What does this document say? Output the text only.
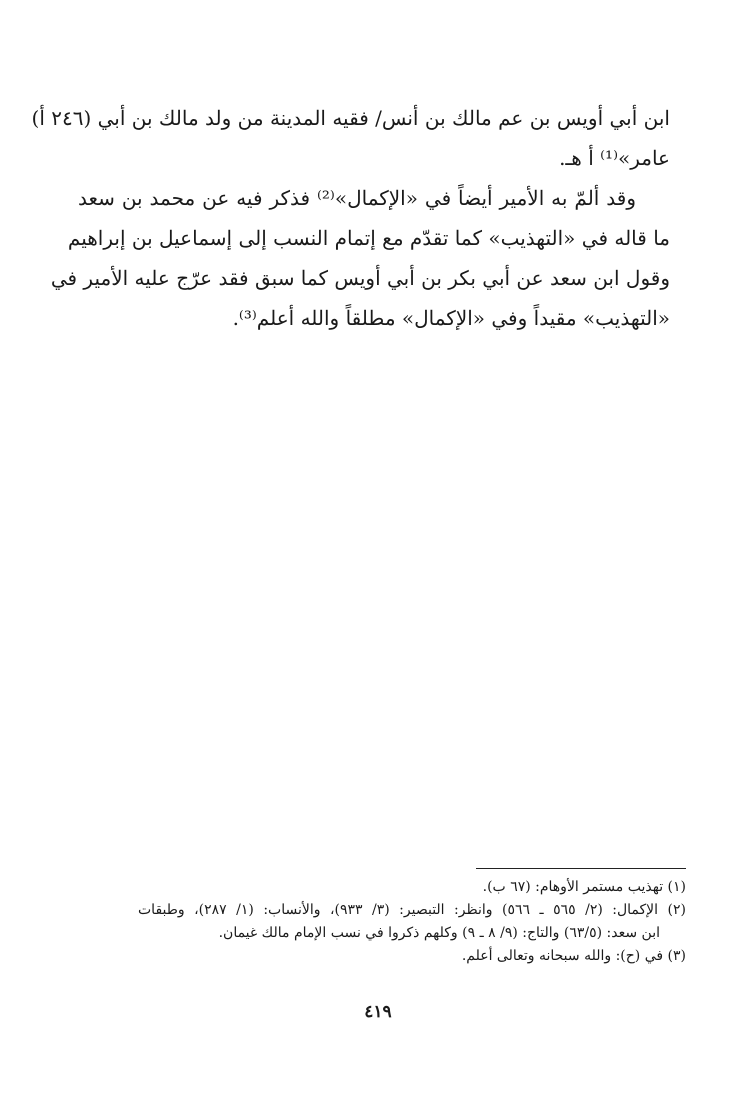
ابن أبي أويس بن عم مالك بن أنس/ فقيه المدينة من ولد مالك بن أبي (٢٤٦ أ)
عامر»⁽¹⁾ أ هـ.
وقد ألمّ به الأمير أيضاً في «الإكمال»⁽²⁾ فذكر فيه عن محمد بن سعد
ما قاله في «التهذيب» كما تقدّم مع إتمام النسب إلى إسماعيل بن إبراهيم
وقول ابن سعد عن أبي بكر بن أبي أويس كما سبق فقد عرّج عليه الأمير في
«التهذيب» مقيداً وفي «الإكمال» مطلقاً والله أعلم⁽³⁾.
(١) تهذيب مستمر الأوهام: (٦٧ ب).
(٢) الإكمال: (٢/ ٥٦٥ ـ ٥٦٦) وانظر: التبصير: (٣/ ٩٣٣)، والأنساب: (١/ ٢٨٧)، وطبقات
ابن سعد: (٦٣/٥) والتاج: (٩/ ٨ ـ ٩) وكلهم ذكروا في نسب الإمام مالك غيمان.
(٣) في (ح): والله سبحانه وتعالى أعلم.
٤١٩
